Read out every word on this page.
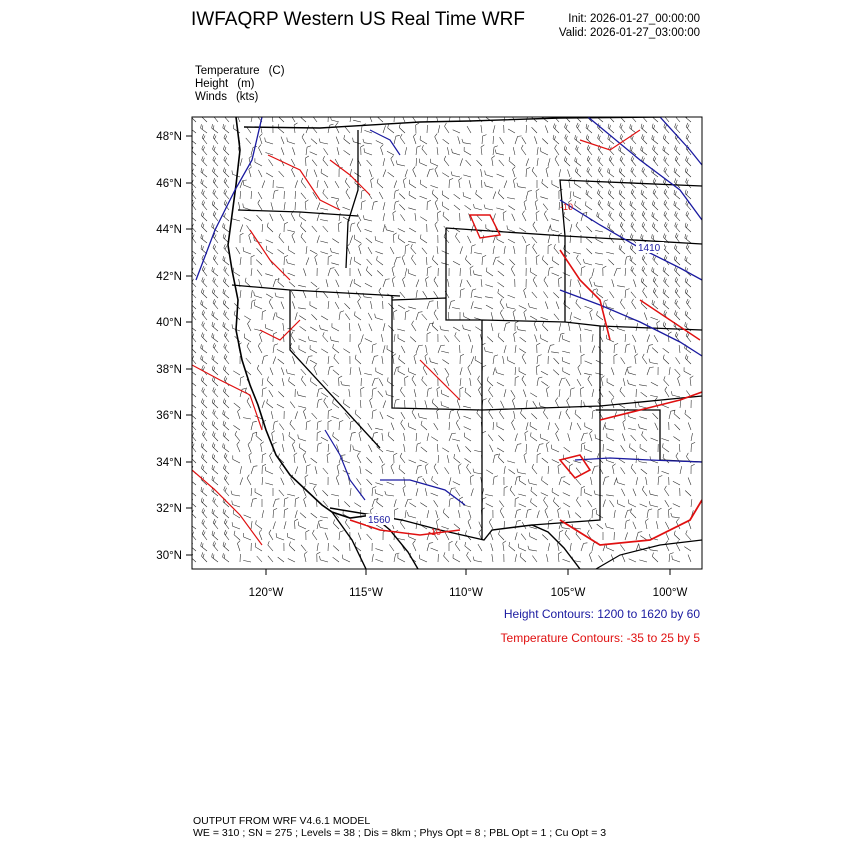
IWFAQRP Western US Real Time WRF	Init: 2026-01-27_00:00:00
Valid: 2026-01-27_03:00:00
Temperature (C)
Height (m)
Winds (kts)
1410
1560
-10
-10
48°N
46°N
44°N
42°N
40°N
38°N
36°N
34°N
32°N
30°N
120°W	115°W	110°W	105°W	100°W
Height Contours: 1200 to 1620 by 60
Temperature Contours: -35 to 25 by 5
OUTPUT FROM WRF V4.6.1 MODEL
WE = 310 ; SN = 275 ; Levels = 38 ; Dis = 8km ; Phys Opt = 8 ; PBL Opt = 1 ; Cu Opt = 3
